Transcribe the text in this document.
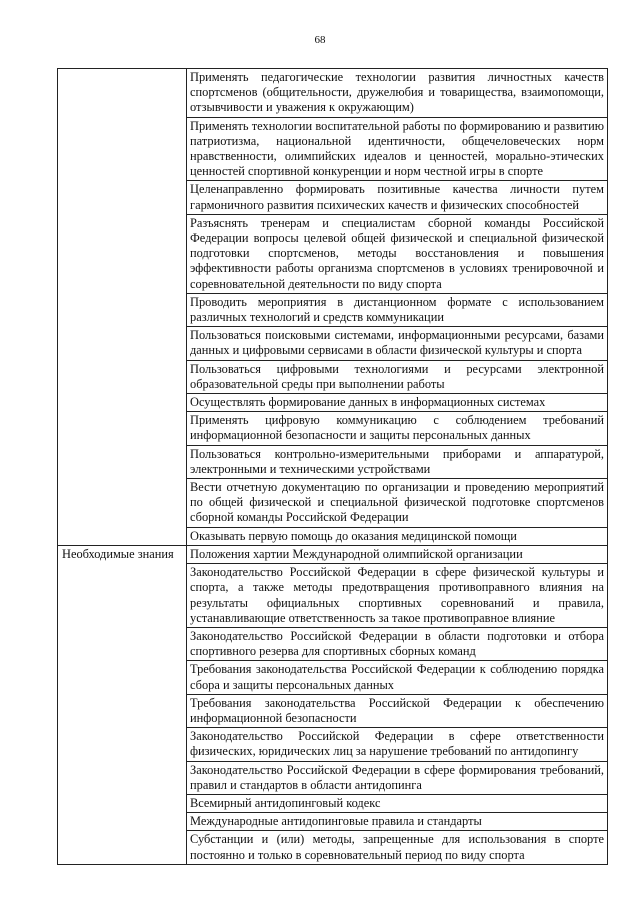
68
	Применять педагогические технологии развития личностных качеств спортсменов (общительности, дружелюбия и товарищества, взаимопомощи, отзывчивости и уважения к окружающим)
	Применять технологии воспитательной работы по формированию и развитию патриотизма, национальной идентичности, общечеловеческих норм нравственности, олимпийских идеалов и ценностей, морально-этических ценностей спортивной конкуренции и норм честной игры в спорте
	Целенаправленно формировать позитивные качества личности путем гармоничного развития психических качеств и физических способностей
	Разъяснять тренерам и специалистам сборной команды Российской Федерации вопросы целевой общей физической и специальной физической подготовки спортсменов, методы восстановления и повышения эффективности работы организма спортсменов в условиях тренировочной и соревновательной деятельности по виду спорта
	Проводить мероприятия в дистанционном формате с использованием различных технологий и средств коммуникации
	Пользоваться поисковыми системами, информационными ресурсами, базами данных и цифровыми сервисами в области физической культуры и спорта
	Пользоваться цифровыми технологиями и ресурсами электронной образовательной среды при выполнении работы
	Осуществлять формирование данных в информационных системах
	Применять цифровую коммуникацию с соблюдением требований информационной безопасности и защиты персональных данных
	Пользоваться контрольно-измерительными приборами и аппаратурой, электронными и техническими устройствами
	Вести отчетную документацию по организации и проведению мероприятий по общей физической и специальной физической подготовке спортсменов сборной команды Российской Федерации
	Оказывать первую помощь до оказания медицинской помощи
Необходимые знания	Положения хартии Международной олимпийской организации
	Законодательство Российской Федерации в сфере физической культуры и спорта, а также методы предотвращения противоправного влияния на результаты официальных спортивных соревнований и правила, устанавливающие ответственность за такое противоправное влияние
	Законодательство Российской Федерации в области подготовки и отбора спортивного резерва для спортивных сборных команд
	Требования законодательства Российской Федерации к соблюдению порядка сбора и защиты персональных данных
	Требования законодательства Российской Федерации к обеспечению информационной безопасности
	Законодательство Российской Федерации в сфере ответственности физических, юридических лиц за нарушение требований по антидопингу
	Законодательство Российской Федерации в сфере формирования требований, правил и стандартов в области антидопинга
	Всемирный антидопинговый кодекс
	Международные антидопинговые правила и стандарты
	Субстанции и (или) методы, запрещенные для использования в спорте постоянно и только в соревновательный период по виду спорта
